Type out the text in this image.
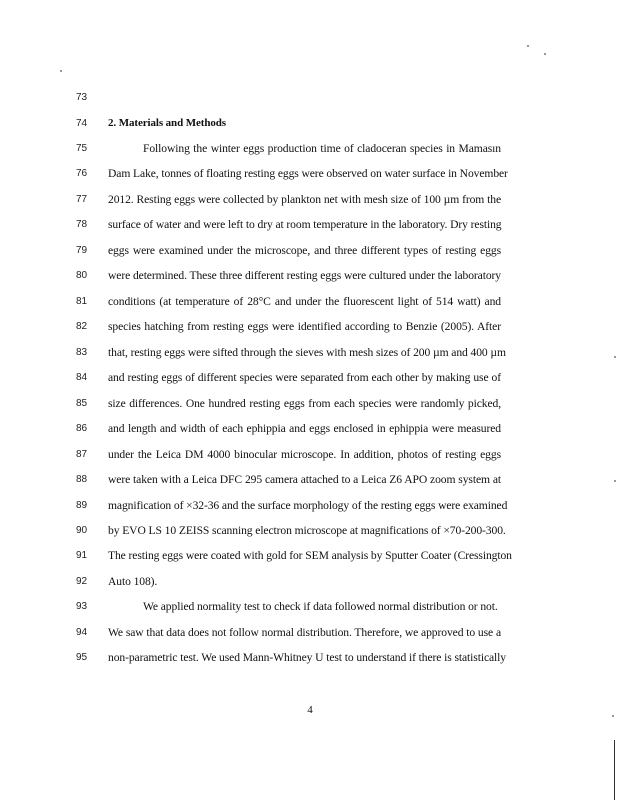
73
74
75
76
77
78
79
80
81
82
83
84
85
86
87
88
89
90
91
92
93
94
95
2. Materials and Methods
Following the winter eggs production time of cladoceran species in Mamasın
Dam Lake, tonnes of floating resting eggs were observed on water surface in November
2012. Resting eggs were collected by plankton net with mesh size of 100 µm from the
surface of water and were left to dry at room temperature in the laboratory. Dry resting
eggs were examined under the microscope, and three different types of resting eggs
were determined. These three different resting eggs were cultured under the laboratory
conditions (at temperature of 28°C and under the fluorescent light of 514 watt) and
species hatching from resting eggs were identified according to Benzie (2005). After
that, resting eggs were sifted through the sieves with mesh sizes of 200 µm and 400 µm
and resting eggs of different species were separated from each other by making use of
size differences. One hundred resting eggs from each species were randomly picked,
and length and width of each ephippia and eggs enclosed in ephippia were measured
under the Leica DM 4000 binocular microscope. In addition, photos of resting eggs
were taken with a Leica DFC 295 camera attached to a Leica Z6 APO zoom system at
magnification of ×32-36 and the surface morphology of the resting eggs were examined
by EVO LS 10 ZEISS scanning electron microscope at magnifications of ×70-200-300.
The resting eggs were coated with gold for SEM analysis by Sputter Coater (Cressington
Auto 108).
We applied normality test to check if data followed normal distribution or not.
We saw that data does not follow normal distribution. Therefore, we approved to use a
non-parametric test. We used Mann-Whitney U test to understand if there is statistically
4
